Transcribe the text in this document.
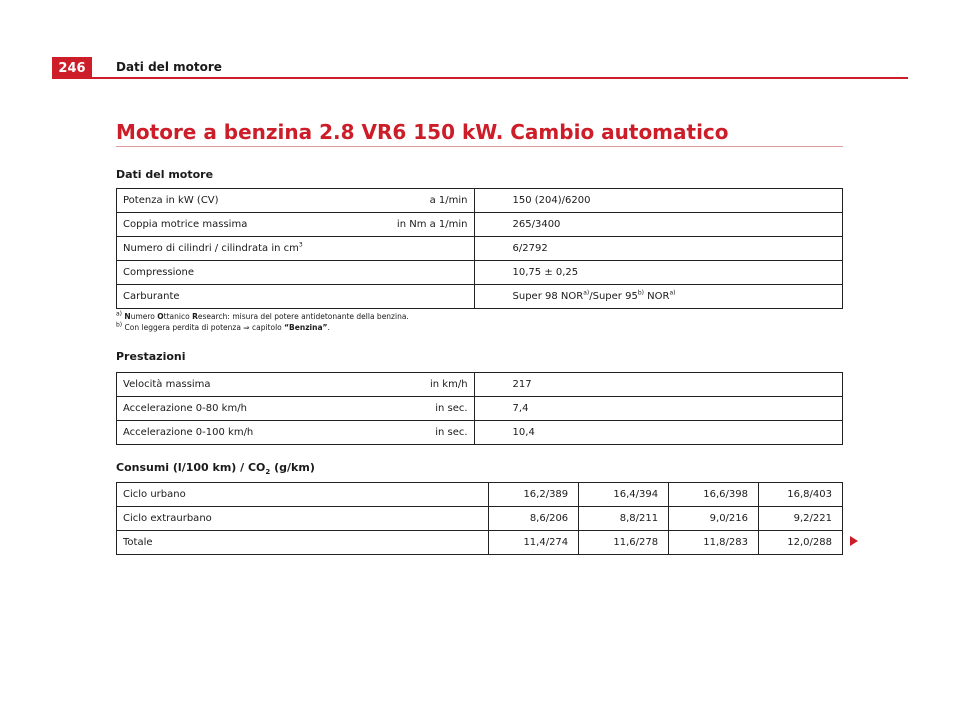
246	Dati del motore
Motore a benzina 2.8 VR6 150 kW. Cambio automatico
Dati del motore
Potenza in kW (CV)	a 1/min	150 (204)/6200
Coppia motrice massima	in Nm a 1/min	265/3400
Numero di cilindri / cilindrata in $cm^3$		6/2792
Compressione		10,75 ± 0,25
Carburante		Super 98 NOR$^{a)}$/Super 95$^{b)}$ NOR$^{a)}$
$^{a)}$ Numero Ottanico Research: misura del potere antidetonante della benzina.
$^{b)}$ Con leggera perdita di potenza ⇒ capitolo “Benzina”.
Prestazioni
Velocità massima	in km/h	217
Accelerazione 0-80 km/h	in sec.	7,4
Accelerazione 0-100 km/h	in sec.	10,4
Consumi (l/100 $km) / CO_2$ (g/km)
Ciclo urbano	16,2/389	16,4/394	16,6/398	16,8/403
Ciclo extraurbano	8,6/206	8,8/211	9,0/216	9,2/221
Totale	11,4/274	11,6/278	11,8/283	12,0/288
